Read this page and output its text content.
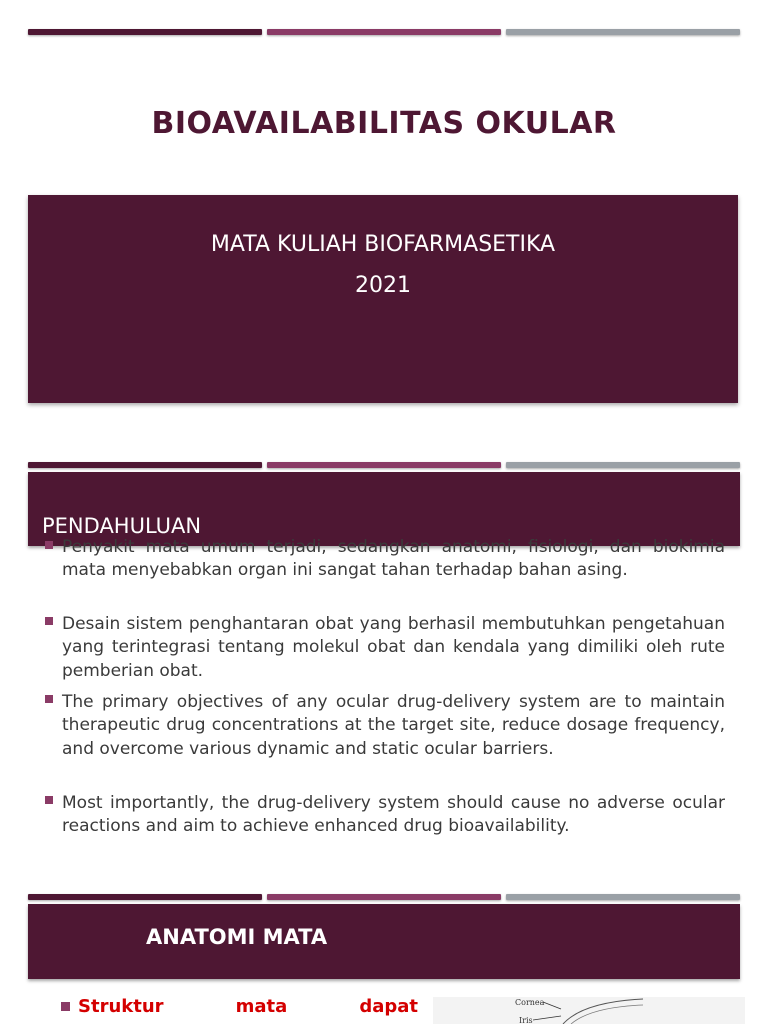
BIOAVAILABILITAS OKULAR
MATA KULIAH BIOFARMASETIKA
2021
PENDAHULUAN
Penyakit mata umum terjadi, sedangkan anatomi, fisiologi, dan biokimia mata menyebabkan organ ini sangat tahan terhadap bahan asing.
Desain sistem penghantaran obat yang berhasil membutuhkan pengetahuan yang terintegrasi tentang molekul obat dan kendala yang dimiliki oleh rute pemberian obat.
The primary objectives of any ocular drug-delivery system are to maintain therapeutic drug concentrations at the target site, reduce dosage frequency, and overcome various dynamic and static ocular barriers.
Most importantly, the drug-delivery system should cause no adverse ocular reactions and aim to achieve enhanced drug bioavailability.
ANATOMI MATA
Struktur	mata	dapat	Cornea
Iris
